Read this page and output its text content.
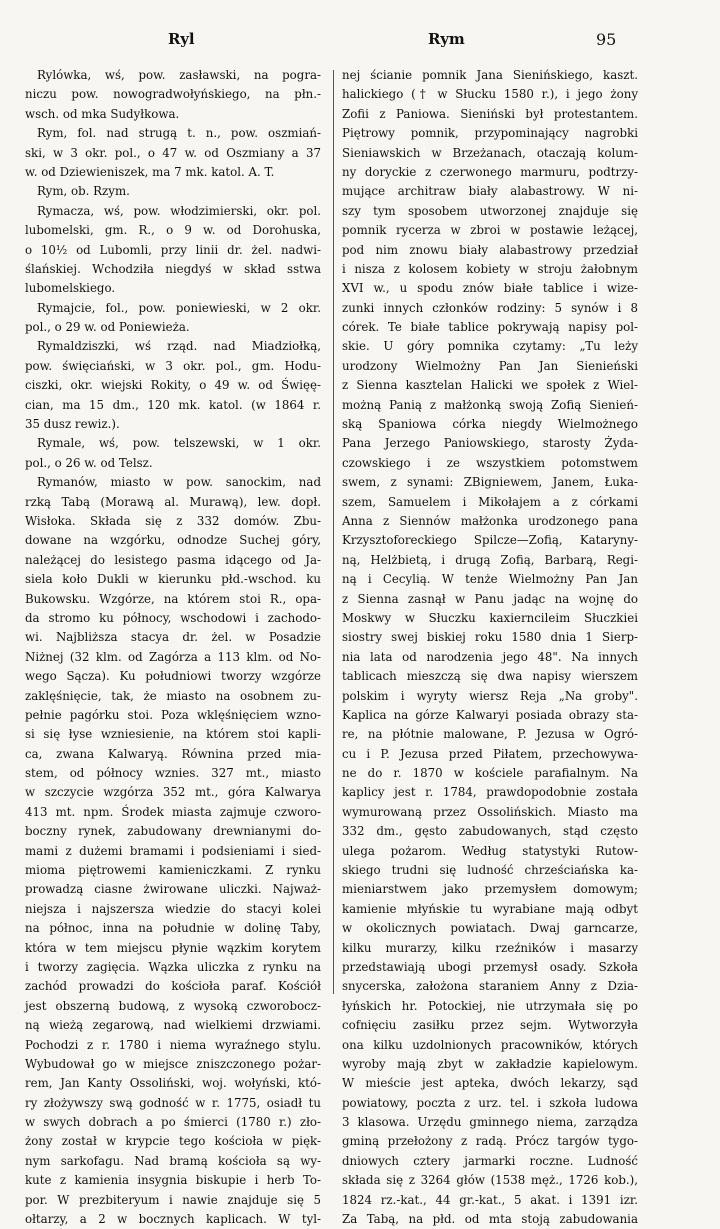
Ryl	Rym	95
Rylówka, wś, pow. zasławski, na pogra-
niczu pow. nowogradwołyńskiego, na płn.-
wsch. od mka Sudyłkowa.
Rym, fol. nad strugą t. n., pow. oszmiań-
ski, w 3 okr. pol., o 47 w. od Oszmiany a 37
w. od Dziewieniszek, ma 7 mk. katol. A. T.
Rym, ob. Rzym.
Rymacza, wś, pow. włodzimierski, okr. pol.
lubomelski, gm. R., o 9 w. od Dorohuska,
o 10½ od Lubomli, przy linii dr. żel. nadwi-
ślańskiej. Wchodziła niegdyś w skład sstwa
lubomelskiego.
Rymajcie, fol., pow. poniewieski, w 2 okr.
pol., o 29 w. od Poniewieża.
Rymaldziszki, wś rząd. nad Miadziołką,
pow. święciański, w 3 okr. pol., gm. Hodu-
ciszki, okr. wiejski Rokity, o 49 w. od Święę-
cian, ma 15 dm., 120 mk. katol. (w 1864 r.
35 dusz rewiz.).
Rymale, wś, pow. telszewski, w 1 okr.
pol., o 26 w. od Telsz.
Rymanów, miasto w pow. sanockim, nad
rzką Tabą (Morawą al. Murawą), lew. dopł.
Wisłoka. Składa się z 332 domów. Zbu-
dowane na wzgórku, odnodze Suchej góry,
należącej do lesistego pasma idącego od Ja-
siela koło Dukli w kierunku płd.-wschod. ku
Bukowsku. Wzgórze, na którem stoi R., opa-
da stromo ku północy, wschodowi i zachodo-
wi. Najbliższa stacya dr. żel. w Posadzie
Niżnej (32 klm. od Zagórza a 113 klm. od No-
wego Sącza). Ku południowi tworzy wzgórze
zaklęśnięcie, tak, że miasto na osobnem zu-
pełnie pagórku stoi. Poza wklęśnięciem wzno-
si się łyse wzniesienie, na którem stoi kapli-
ca, zwana Kalwaryą. Równina przed mia-
stem, od północy wznies. 327 mt., miasto
w szczycie wzgórza 352 mt., góra Kalwarya
413 mt. npm. Środek miasta zajmuje czworo-
boczny rynek, zabudowany drewnianymi do-
mami z dużemi bramami i podsieniami i sied-
mioma piętrowemi kamieniczkami. Z rynku
prowadzą ciasne żwirowane uliczki. Najważ-
niejsza i najszersza wiedzie do stacyi kolei
na północ, inna na południe w dolinę Taby,
która w tem miejscu płynie wązkim korytem
i tworzy zagięcia. Wązka uliczka z rynku na
zachód prowadzi do kościoła paraf. Kościół
jest obszerną budową, z wysoką czworobocz-
ną wieżą zegarową, nad wielkiemi drzwiami.
Pochodzi z r. 1780 i niema wyraźnego stylu.
Wybudował go w miejsce zniszczonego pożar-
rem, Jan Kanty Ossoliński, woj. wołyński, któ-
ry złożywszy swą godność w r. 1775, osiadł tu
w swych dobrach a po śmierci (1780 r.) zło-
żony został w krypcie tego kościoła w pięk-
nym sarkofagu. Nad bramą kościoła są wy-
kute z kamienia insygnia biskupie i herb To-
por. W prezbiteryum i nawie znajduje się 5
ołtarzy, a 2 w bocznych kaplicach. W tyl-
nej ścianie pomnik Jana Sienińskiego, kaszt.
halickiego († w Słucku 1580 r.), i jego żony
Zofii z Paniowa. Sieniński był protestantem.
Piętrowy pomnik, przypominający nagrobki
Sieniawskich w Brzeżanach, otaczają kolum-
ny doryckie z czerwonego marmuru, podtrzy-
mujące architraw biały alabastrowy. W ni-
szy tym sposobem utworzonej znajduje się
pomnik rycerza w zbroi w postawie leżącej,
pod nim znowu biały alabastrowy przedział
i nisza z kolosem kobiety w stroju żałobnym
XVI w., u spodu znów białe tablice i wize-
zunki innych członków rodziny: 5 synów i 8
córek. Te białe tablice pokrywają napisy pol-
skie. U góry pomnika czytamy: „Tu leży
urodzony Wielmożny Pan Jan Sienieński
z Sienna kasztelan Halicki we społek z Wiel-
możną Panią z małżonką swoją Zofią Sienień-
ską Spaniowa córka niegdy Wielmożnego
Pana Jerzego Paniowskiego, starosty Żyda-
czowskiego i ze wszystkiem potomstwem
swem, z synami: ZBigniewem, Janem, Łuka-
szem, Samuelem i Mikołajem a z córkami
Anna z Siennów małżonka urodzonego pana
Krzysztoforeckiego Spilcze—Zofią, Kataryny-
ną, Helżbietą, i drugą Zofią, Barbarą, Regi-
ną i Cecylią. W tenże Wielmożny Pan Jan
z Sienna zasnął w Panu jadąc na wojnę do
Moskwy w Słuczku kaxierncileim Słuczkiei
siostry swej biskiej roku 1580 dnia 1 Sierp-
nia lata od narodzenia jego 48". Na innych
tablicach mieszczą się dwa napisy wierszem
polskim i wyryty wiersz Reja „Na groby".
Kaplica na górze Kalwaryi posiada obrazy sta-
re, na płótnie malowane, P. Jezusa w Ogró-
cu i P. Jezusa przed Piłatem, przechowywa-
ne do r. 1870 w kościele parafialnym. Na
kaplicy jest r. 1784, prawdopodobnie została
wymurowaną przez Ossolińskich. Miasto ma
332 dm., gęsto zabudowanych, stąd często
ulega pożarom. Według statystyki Rutow-
skiego trudni się ludność chrześciańska ka-
mieniarstwem jako przemysłem domowym;
kamienie młyńskie tu wyrabiane mają odbyt
w okolicznych powiatach. Dwaj garncarze,
kilku murarzy, kilku rzeźników i masarzy
przedstawiają ubogi przemysł osady. Szkoła
snycerska, założona staraniem Anny z Dzia-
łyńskich hr. Potockiej, nie utrzymała się po
cofnięciu zasiłku przez sejm. Wytworzyła
ona kilku uzdolnionych pracowników, których
wyroby mają zbyt w zakładzie kapielowym.
W mieście jest apteka, dwóch lekarzy, sąd
powiatowy, poczta z urz. tel. i szkoła ludowa
3 klasowa. Urzędu gminnego niema, zarządza
gminą przełożony z radą. Prócz targów tygo-
dniowych cztery jarmarki roczne. Ludność
składa się z 3264 głów (1538 męż., 1726 kob.),
1824 rz.-kat., 44 gr.-kat., 5 akat. i 1391 izr.
Za Tabą, na płd. od mta stoją zabudowania
